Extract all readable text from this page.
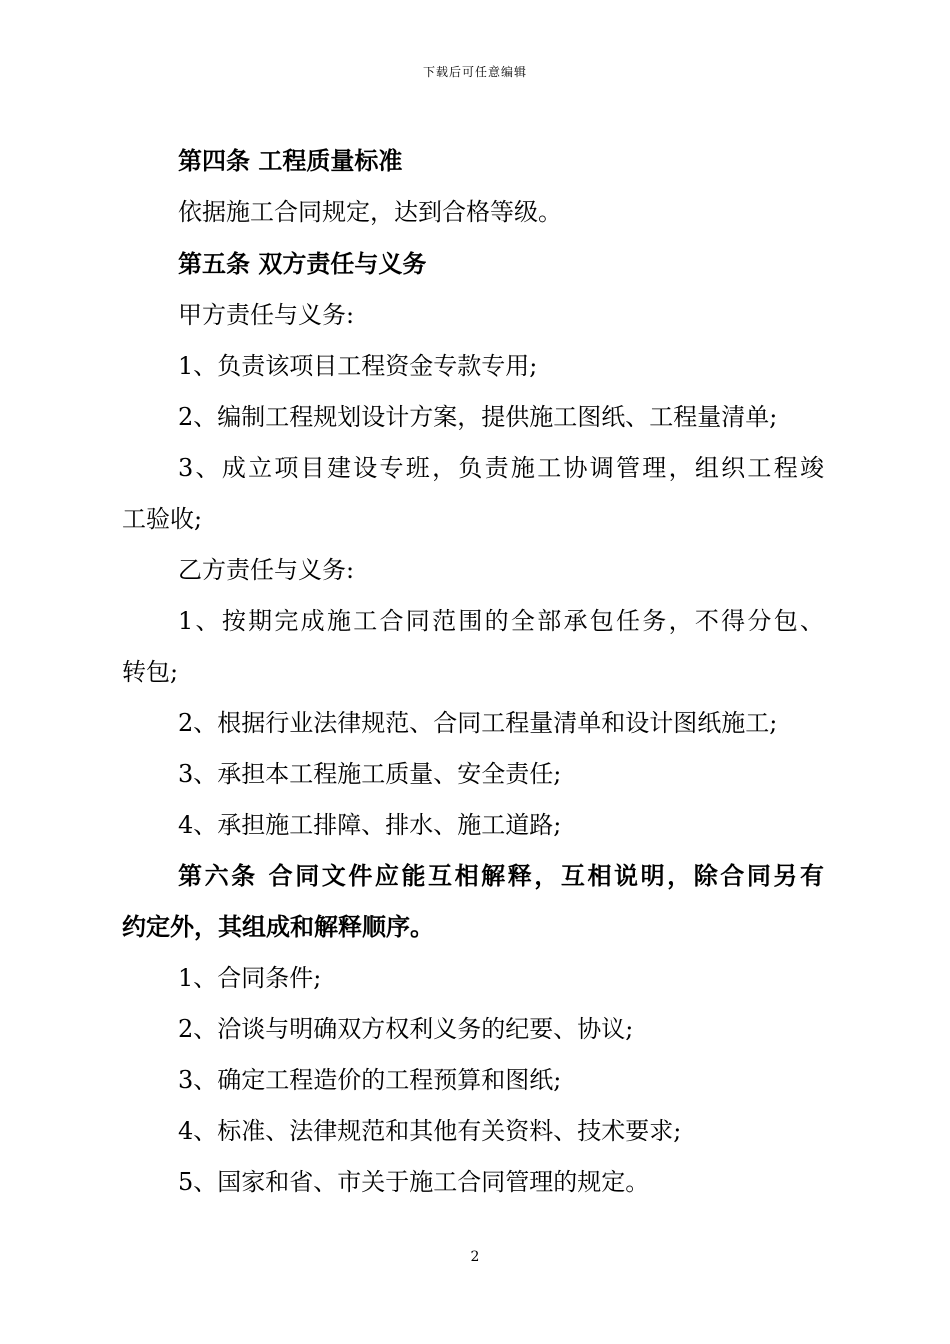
下载后可任意编辑
第四条 工程质量标准
依据施工合同规定，达到合格等级。
第五条 双方责任与义务
甲方责任与义务:
1、负责该项目工程资金专款专用;
2、编制工程规划设计方案，提供施工图纸、工程量清单;
3、成立项目建设专班，负责施工协调管理，组织工程竣
工验收;
乙方责任与义务:
1、按期完成施工合同范围的全部承包任务，不得分包、
转包;
2、根据行业法律规范、合同工程量清单和设计图纸施工;
3、承担本工程施工质量、安全责任;
4、承担施工排障、排水、施工道路;
第六条 合同文件应能互相解释，互相说明，除合同另有
约定外，其组成和解释顺序。
1、合同条件;
2、洽谈与明确双方权利义务的纪要、协议;
3、确定工程造价的工程预算和图纸;
4、标准、法律规范和其他有关资料、技术要求;
5、国家和省、市关于施工合同管理的规定。
2
